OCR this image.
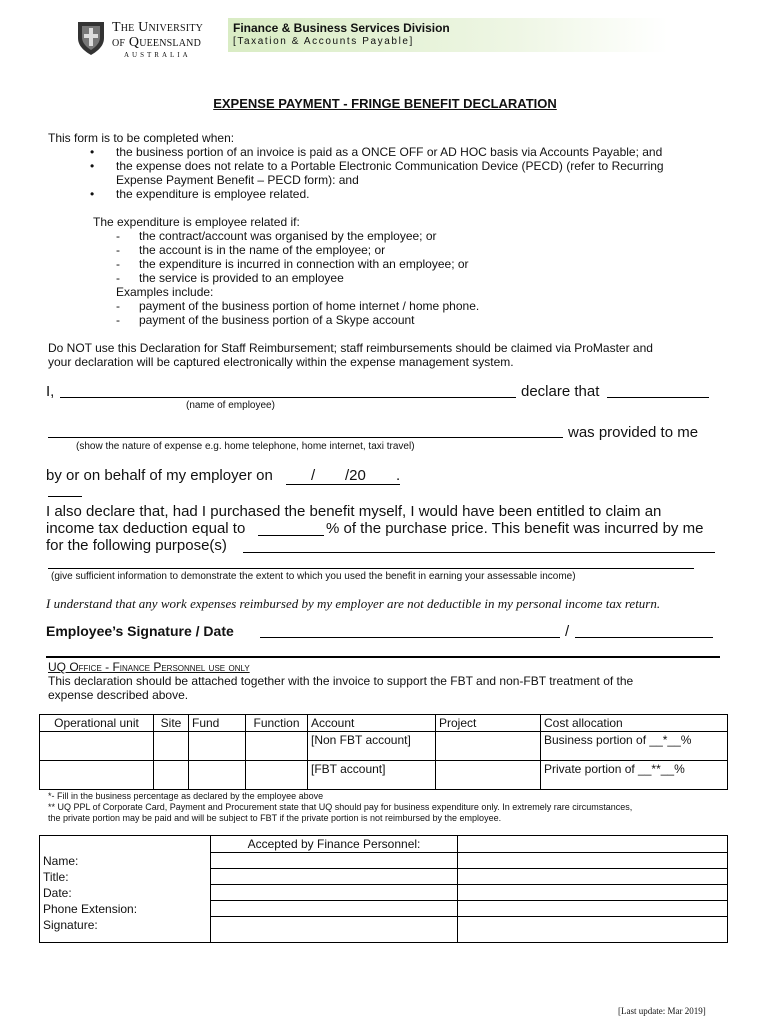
The University
of Queensland
AUSTRALIA
Finance & Business Services Division
[Taxation & Accounts Payable]
EXPENSE PAYMENT - FRINGE BENEFIT DECLARATION
This form is to be completed when:
• the business portion of an invoice is paid as a ONCE OFF or AD HOC basis via Accounts Payable; and
• the expense does not relate to a Portable Electronic Communication Device (PECD) (refer to Recurring
Expense Payment Benefit – PECD form): and
• the expenditure is employee related.
The expenditure is employee related if:
- the contract/account was organised by the employee; or
- the account is in the name of the employee; or
- the expenditure is incurred in connection with an employee; or
- the service is provided to an employee
Examples include:
- payment of the business portion of home internet / home phone.
- payment of the business portion of a Skype account
Do NOT use this Declaration for Staff Reimbursement; staff reimbursements should be claimed via ProMaster and
your declaration will be captured electronically within the expense management system.
I,	declare that
(name of employee)
was provided to me
(show the nature of expense e.g. home telephone, home internet, taxi travel)
by or on behalf of my employer on	/ /20 .
I also declare that, had I purchased the benefit myself, I would have been entitled to claim an
income tax deduction equal to	% of the purchase price. This benefit was incurred by me
for the following purpose(s)
(give sufficient information to demonstrate the extent to which you used the benefit in earning your assessable income)
I understand that any work expenses reimbursed by my employer are not deductible in my personal income tax return.
Employee’s Signature / Date	/
UQ Office - Finance Personnel use only
This declaration should be attached together with the invoice to support the FBT and non-FBT treatment of the
expense described above.
Operational unit	Site	Fund	Function	Account	Project	Cost allocation
				[Non FBT account]		Business portion of __*__%
				[FBT account]		Private portion of __**__%
*- Fill in the business percentage as declared by the employee above
** UQ PPL of Corporate Card, Payment and Procurement state that UQ should pay for business expenditure only. In extremely rare circumstances,
the private portion may be paid and will be subject to FBT if the private portion is not reimbursed by the employee.
	Accepted by Finance Personnel:	
Name:		
Title:		
Date:		
Phone Extension:		
Signature:		
[Last update: Mar 2019]
